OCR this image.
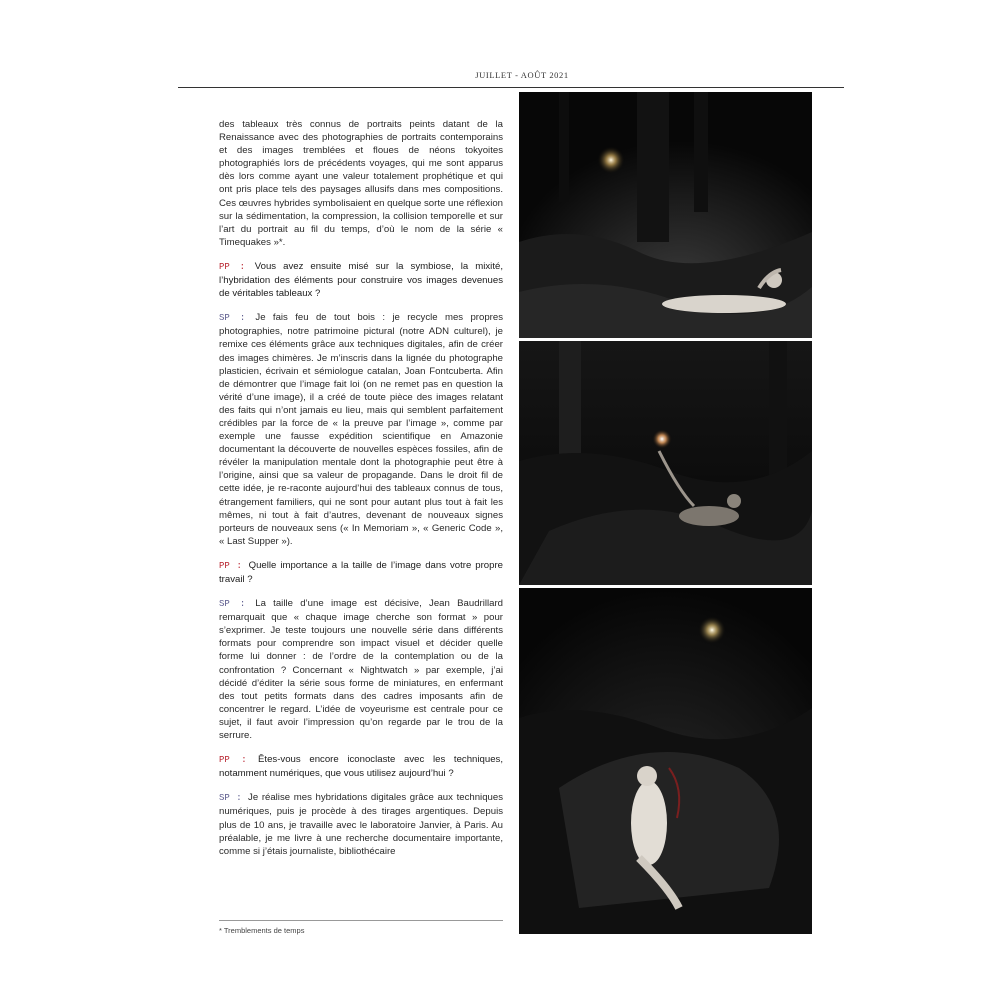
JUILLET - AOÛT 2021

des tableaux très connus de portraits peints datant de la Renaissance avec des photographies de portraits contemporains et des images tremblées et floues de néons tokyoites photographiés lors de précédents voyages, qui me sont apparus dès lors comme ayant une valeur totalement prophétique et qui ont pris place tels des paysages allusifs dans mes compositions. Ces œuvres hybrides symbolisaient en quelque sorte une réflexion sur la sédimentation, la compression, la collision temporelle et sur l’art du portrait au fil du temps, d’où le nom de la série « Timequakes »*.

PP : Vous avez ensuite misé sur la symbiose, la mixité, l’hybridation des éléments pour construire vos images devenues de véritables tableaux ?

SP : Je fais feu de tout bois : je recycle mes propres photographies, notre patrimoine pictural (notre ADN culturel), je remixe ces éléments grâce aux techniques digitales, afin de créer des images chimères. Je m’inscris dans la lignée du photographe plasticien, écrivain et sémiologue catalan, Joan Fontcuberta. Afin de démontrer que l’image fait loi (on ne remet pas en question la vérité d’une image), il a créé de toute pièce des images relatant des faits qui n’ont jamais eu lieu, mais qui semblent parfaitement crédibles par la force de « la preuve par l’image », comme par exemple une fausse expédition scientifique en Amazonie documentant la découverte de nouvelles espèces fossiles, afin de révéler la manipulation mentale dont la photographie peut être à l’origine, ainsi que sa valeur de propagande. Dans le droit fil de cette idée, je re-raconte aujourd’hui des tableaux connus de tous, étrangement familiers, qui ne sont pour autant plus tout à fait les mêmes, ni tout à fait d’autres, devenant de nouveaux signes porteurs de nouveaux sens (« In Memoriam », « Generic Code », « Last Supper »).

PP : Quelle importance a la taille de l’image dans votre propre travail ?

SP : La taille d’une image est décisive, Jean Baudrillard remarquait que « chaque image cherche son format » pour s’exprimer. Je teste toujours une nouvelle série dans différents formats pour comprendre son impact visuel et décider quelle forme lui donner : de l’ordre de la contemplation ou de la confrontation ? Concernant « Nightwatch » par exemple, j’ai décidé d’éditer la série sous forme de miniatures, en enfermant des tout petits formats dans des cadres imposants afin de concentrer le regard. L’idée de voyeurisme est centrale pour ce sujet, il faut avoir l’impression qu’on regarde par le trou de la serrure.

PP : Êtes-vous encore iconoclaste avec les techniques, notamment numériques, que vous utilisez aujourd’hui ?

SP : Je réalise mes hybridations digitales grâce aux techniques numériques, puis je procède à des tirages argentiques. Depuis plus de 10 ans, je travaille avec le laboratoire Janvier, à Paris. Au préalable, je me livre à une recherche documentaire importante, comme si j’étais journaliste, bibliothécaire

* Tremblements de temps
